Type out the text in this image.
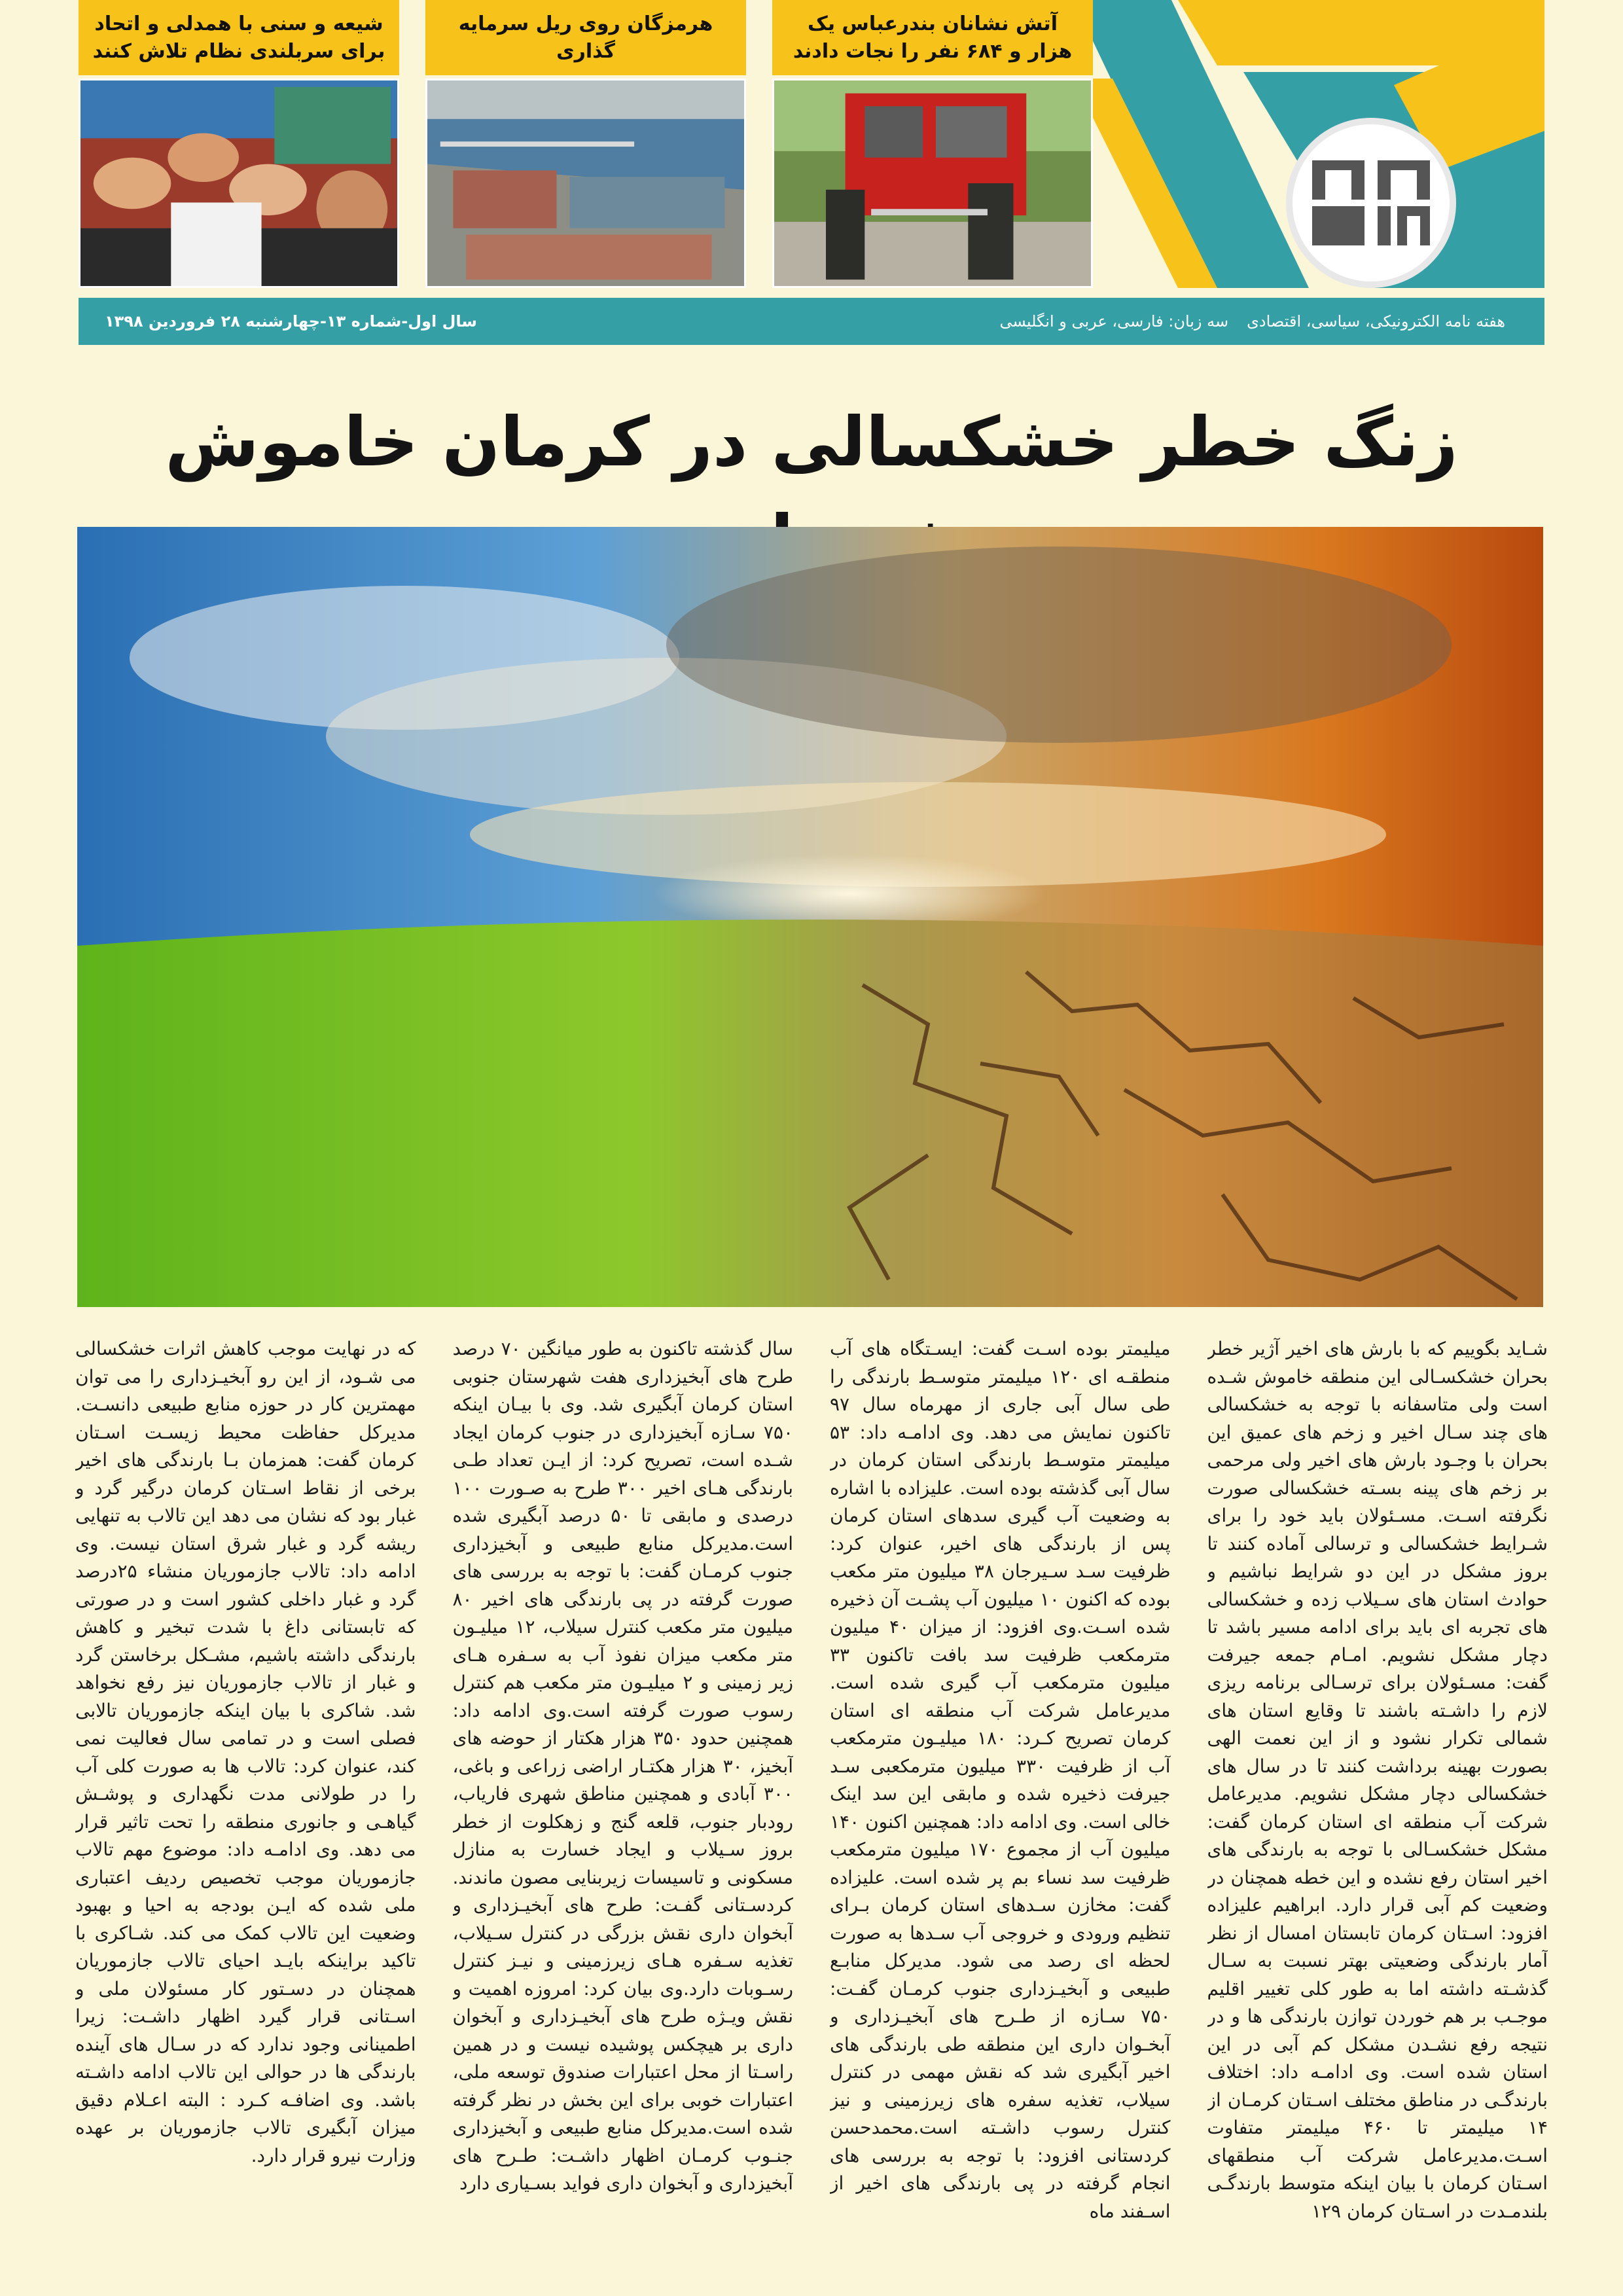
شیعه و سنی با همدلی و اتحاد برای سربلندی نظام تلاش کنند
هرمزگان روی ریل سرمایه گذاری
آتش نشانان بندرعباس یک هزار و ۶۸۴ نفر را نجات دادند
هفته نامه الکترونیکی، سیاسی، اقتصادی
سه زبان: فارسی، عربی و انگلیسی
سال اول-شماره ۱۳-چهارشنبه ۲۸ فروردین ۱۳۹۸
زنگ خطر خشکسالی در کرمان خاموش

شـاید بگوییم که با بارش های اخیر آژیر خطر بحران خشکسـالی این منطقه خاموش شـده است ولی متاسفانه با توجه به خشکسالی های چند سـال اخیر و زخم های عمیق این بحران با وجـود بارش های اخیر ولی مرحمی بر زخم های پینه بسـته خشکسالی صورت نگرفته اسـت. مسـئولان باید خود را برای شـرایط خشکسالی و ترسالی آماده کنند تا بروز مشکل در این دو شرایط نباشیم و حوادث استان های سـیلاب زده و خشکسالی های تجربه ای باید برای ادامه مسیر باشد تا دچار مشکل نشویم. امـام جمعه جیرفت گفت: مسـئولان برای ترسـالی برنامه ریزی لازم را داشـته باشند تا وقایع استان های شمالی تکرار نشود و از این نعمت الهی بصورت بهینه برداشت کنند تا در سال های خشکسالی دچار مشکل نشویم. مدیرعامل شرکت آب منطقه ای استان کرمان گفت: مشکل خشکسـالی با توجه به بارندگی های اخیر استان رفع نشده و این خطه همچنان در وضعیت کم آبی قرار دارد. ابراهیم علیزاده افزود: اسـتان کرمان تابستان امسال از نظر آمار بارندگی وضعیتی بهتر نسبت به سـال گذشـته داشته اما به طور کلی تغییر اقلیم موجـب بر هم خوردن توازن بارندگی ها و در نتیجه رفع نشـدن مشکل کم آبی در این استان شده است. وی ادامـه داد: اختلاف بارندگـی در مناطق مختلف اسـتان کرمـان از ۱۴ میلیمتر تا ۴۶۰ میلیمتر متفاوت اسـت.مدیرعامل شرکت آب منطقهای اسـتان کرمان با بیان اینکه متوسط بارندگـی بلندمـدت در اسـتان کرمان ۱۲۹

میلیمتر بوده اسـت گفت: ایسـتگاه های آب منطقـه ای ۱۲۰ میلیمتر متوسـط بارندگی را طی سال آبی جاری از مهرماه سال ۹۷ تاکنون نمایش می دهد. وی ادامـه داد: ۵۳ میلیمتر متوسـط بارندگی استان کرمان در سال آبی گذشته بوده است. علیزاده با اشاره به وضعیت آب گیری سدهای استان کرمان پس از بارندگی های اخیر، عنوان کرد: ظرفیت سـد سـیرجان ۳۸ میلیون متر مکعب بوده که اکنون ۱۰ میلیون آب پشـت آن ذخیره شده اسـت.وی افزود: از میزان ۴۰ میلیون مترمکعب ظرفیت سد بافت تاکنون ۳۳ میلیون مترمکعب آب گیری شده است. مدیرعامل شرکت آب منطقه ای استان کرمان تصریح کـرد: ۱۸۰ میلیـون مترمکعب آب از ظرفیت ۳۳۰ میلیون مترمکعبی سـد جیرفت ذخیره شده و مابقی این سد اینک خالی است. وی ادامه داد: همچنین اکنون ۱۴۰ میلیون آب از مجموع ۱۷۰ میلیون مترمکعب ظرفیت سد نساء بم پر شده است. علیزاده گفت: مخازن سـدهای استان کرمان بـرای تنظیم ورودی و خروجی آب سـدها به صورت لحظه ای رصد می شود. مدیرکل منابـع طبیعی و آبخیـزداری جنوب کرمـان گفـت: ۷۵۰ سـازه از طـرح های آبخیـزداری و آبخـوان داری این منطقه طی بارندگی های اخیر آبگیری شد که نقش مهمی در کنترل سیلاب، تغذیه سفره های زیرزمینی و نیز کنترل رسوب داشـته است.محمدحسن کردستانی افزود: با توجه به بررسی های انجام گرفته در پی بارندگی های اخیر از اسـفند ماه

سال گذشته تاکنون به طور میانگین ۷۰ درصد طرح های آبخیزداری هفت شهرستان جنوبی استان کرمان آبگیری شد. وی با بیـان اینکه ۷۵۰ سـازه آبخیزداری در جنوب کرمان ایجاد شـده است، تصریح کرد: از ایـن تعداد طـی بارندگی هـای اخیر ۳۰۰ طرح به صـورت ۱۰۰ درصدی و مابقی تا ۵۰ درصد آبگیری شده است.مدیرکل منابع طبیعی و آبخیزداری جنوب کرمـان گفت: با توجه به بررسی های صورت گرفته در پی بارندگی های اخیر ۸۰ میلیون متر مکعب کنترل سیلاب، ۱۲ میلیـون متر مکعب میزان نفوذ آب به سـفره هـای زیر زمینی و ۲ میلیـون متر مکعب هم کنترل رسوب صورت گرفته است.وی ادامه داد: همچنین حدود ۳۵۰ هزار هکتار از حوضه های آبخیز، ۳۰ هزار هکتـار اراضی زراعی و باغی، ۳۰۰ آبادی و همچنین مناطق شهری فاریاب، رودبار جنوب، قلعه گنج و زهکلوت از خطر بروز سـیلاب و ایجاد خسارت به منازل مسکونی و تاسیسات زیربنایی مصون ماندند. کردسـتانی گفـت: طرح های آبخیـزداری و آبخوان داری نقش بزرگی در کنترل سـیلاب، تغذیه سـفره هـای زیرزمینی و نیـز کنترل رسـوبات دارد.وی بیان کرد: امروزه اهمیت و نقش ویـژه طرح های آبخیـزداری و آبخوان داری بر هیچکس پوشیده نیست و در همین راسـتا از محل اعتبارات صندوق توسعه ملی، اعتبارات خوبی برای این بخش در نظر گرفته شده است.مدیرکل منابع طبیعی و آبخیزداری جنـوب کرمـان اظهار داشـت: طـرح های آبخیزداری و آبخوان داری فواید بسـیاری دارد

که در نهایت موجب کاهش اثرات خشکسالی می شـود، از این رو آبخیـزداری را می توان مهمترین کار در حوزه منابع طبیعی دانسـت. مدیرکل حفاظت محیط زیسـت اسـتان کرمان گفت: همزمان بـا بارندگی های اخیر برخی از نقاط اسـتان کرمان درگیر گرد و غبار بود که نشان می دهد این تالاب به تنهایی ریشه گرد و غبار شرق استان نیست. وی ادامه داد: تالاب جازموریان منشاء ۲۵درصد گرد و غبار داخلی کشور است و در صورتی که تابستانی داغ با شدت تبخیر و کاهش بارندگی داشته باشیم، مشـکل برخاستن گرد و غبار از تالاب جازموریان نیز رفع نخواهد شد. شاکری با بیان اینکه جازموریان تالابی فصلی است و در تمامی سال فعالیت نمی کند، عنوان کرد: تالاب ها به صورت کلی آب را در طولانی مدت نگهداری و پوشـش گیاهـی و جانوری منطقه را تحت تاثیر قرار می دهد. وی ادامـه داد: موضوع مهم تالاب جازموریان موجب تخصیص ردیف اعتباری ملی شده که ایـن بودجه به احیا و بهبود وضعیت این تالاب کمک می کند. شـاکری با تاکید براینکه بایـد احیای تالاب جازموریان همچنان در دسـتور کار مسئولان ملی و اسـتانی قرار گیرد اظهار داشـت: زیرا اطمینانی وجود ندارد که در سـال های آینده بارندگی ها در حوالی این تالاب ادامه داشـته باشد. وی اضافـه کـرد : البته اعـلام دقیق میزان آبگیری تالاب جازموریان بر عهده وزارت نیرو قرار دارد.
